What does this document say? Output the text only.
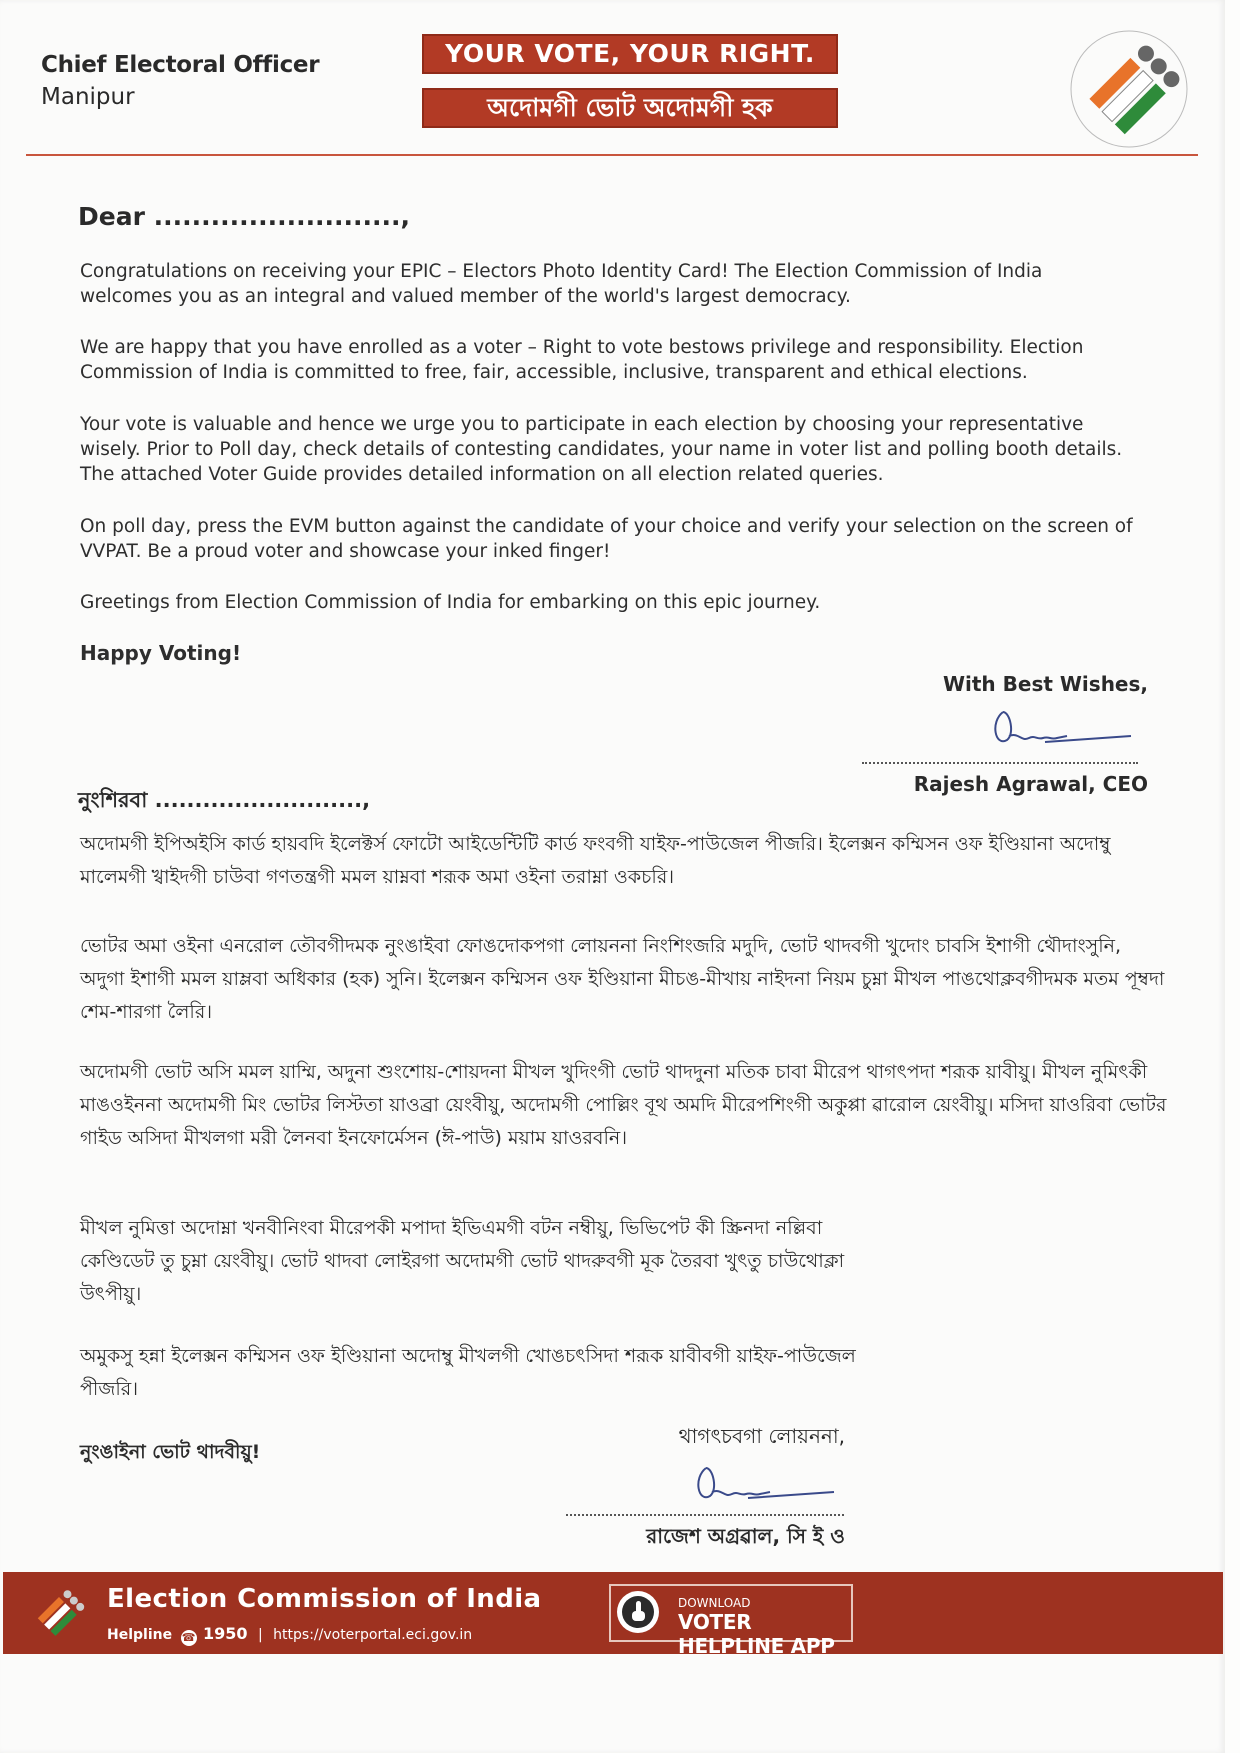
Chief Electoral Officer
Manipur
YOUR VOTE, YOUR RIGHT.
অদোমগী ভোট অদোমগী হক
Dear ..........................,

Congratulations on receiving your EPIC – Electors Photo Identity Card! The Election Commission of India welcomes you as an integral and valued member of the world's largest democracy.

We are happy that you have enrolled as a voter – Right to vote bestows privilege and responsibility. Election Commission of India is committed to free, fair, accessible, inclusive, transparent and ethical elections.

Your vote is valuable and hence we urge you to participate in each election by choosing your representative wisely. Prior to Poll day, check details of contesting candidates, your name in voter list and polling booth details. The attached Voter Guide provides detailed information on all election related queries.

On poll day, press the EVM button against the candidate of your choice and verify your selection on the screen of VVPAT. Be a proud voter and showcase your inked finger!

Greetings from Election Commission of India for embarking on this epic journey.

Happy Voting!

With Best Wishes,
Rajesh Agrawal, CEO
নুংশিরবা ..........................,

অদোমগী ইপিঅইসি কার্ড হায়বদি ইলেক্টর্স ফোটো আইডেন্টিটি কার্ড ফংবগী যাইফ-পাউজেল পীজরি। ইলেক্সন কম্মিসন ওফ ইণ্ডিয়ানা অদোম্বু মালেমগী খ্বাইদগী চাউবা গণতন্ত্রগী মমল য়াম্নবা শরূক অমা ওইনা তরাম্না ওকচরি।

ভোটর অমা ওইনা এনরোল তৌবগীদমক নুংঙাইবা ফোঙদোকপগা লোয়ননা নিংশিংজরি মদুদি, ভোট থাদবগী খুদোং চাবসি ইশাগী থৌদাংসুনি, অদুগা ইশাগী মমল য়াম্লবা অধিকার (হক) সুনি। ইলেক্সন কম্মিসন ওফ ইণ্ডিয়ানা মীচঙ-মীখায় নাইদনা নিয়ম চুম্না মীখল পাঙথোক্লবগীদমক মতম পূম্বদা শেম-শারগা লৈরি।

অদোমগী ভোট অসি মমল য়াম্মি, অদুনা শুংশোয়-শোয়দনা মীখল খুদিংগী ভোট থাদদুনা মতিক চাবা মীরেপ থাগৎপদা শরূক য়াবীয়ু। মীখল নুমিৎকী মাঙওইননা অদোমগী মিং ভোটর লিস্টতা য়াওব্রা য়েংবীয়ু, অদোমগী পোল্লিং বূথ অমদি মীরেপশিংগী অকুপ্পা ৱারোল য়েংবীয়ু। মসিদা য়াওরিবা ভোটর গাইড অসিদা মীখলগা মরী লৈনবা ইনফোর্মেসন (ঈ-পাউ) ময়াম য়াওরবনি।

মীখল নুমিত্তা অদোম্না খনবীনিংবা মীরেপকী মপাদা ইভিএমগী বটন নম্বীয়ু, ভিভিপেট কী স্ক্রিনদা নল্লিবা কেণ্ডিডেট তু চুম্না য়েংবীয়ু। ভোট থাদবা লোইরগা অদোমগী ভোট থাদরুবগী মূক তৈরবা খুৎতু চাউথোক্লা উৎপীয়ু।

অমুকসু হন্না ইলেক্সন কম্মিসন ওফ ইণ্ডিয়ানা অদোম্বু মীখলগী খোঙচৎসিদা শরূক য়াবীবগী য়াইফ-পাউজেল পীজরি।

নুংঙাইনা ভোট থাদবীয়ু!

থাগৎচবগা লোয়ননা,
রাজেশ অগ্রৱাল, সি ই ও
Election Commission of India
Helpline ☎ 1950 | https://voterportal.eci.gov.in
DOWNLOAD
VOTER HELPLINE APP
